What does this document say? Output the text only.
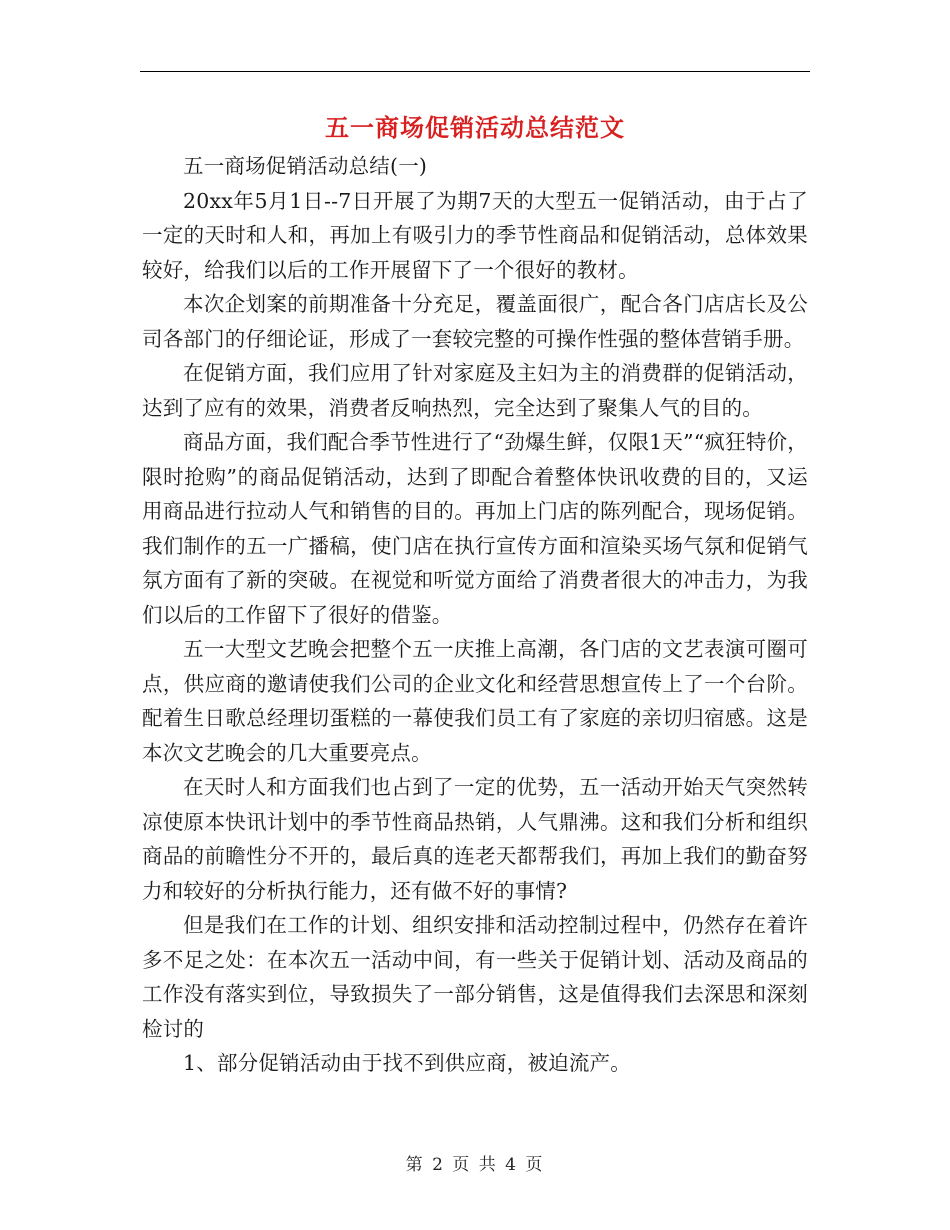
五一商场促销活动总结范文

五一商场促销活动总结(一)

20xx年5月1日--7日开展了为期7天的大型五一促销活动，由于占了一定的天时和人和，再加上有吸引力的季节性商品和促销活动，总体效果较好，给我们以后的工作开展留下了一个很好的教材。

本次企划案的前期准备十分充足，覆盖面很广，配合各门店店长及公司各部门的仔细论证，形成了一套较完整的可操作性强的整体营销手册。

在促销方面，我们应用了针对家庭及主妇为主的消费群的促销活动，达到了应有的效果，消费者反响热烈，完全达到了聚集人气的目的。

商品方面，我们配合季节性进行了“劲爆生鲜，仅限1天”“疯狂特价，限时抢购”的商品促销活动，达到了即配合着整体快讯收费的目的，又运用商品进行拉动人气和销售的目的。再加上门店的陈列配合，现场促销。我们制作的五一广播稿，使门店在执行宣传方面和渲染买场气氛和促销气氛方面有了新的突破。在视觉和听觉方面给了消费者很大的冲击力，为我们以后的工作留下了很好的借鉴。

五一大型文艺晚会把整个五一庆推上高潮，各门店的文艺表演可圈可点，供应商的邀请使我们公司的企业文化和经营思想宣传上了一个台阶。配着生日歌总经理切蛋糕的一幕使我们员工有了家庭的亲切归宿感。这是本次文艺晚会的几大重要亮点。

在天时人和方面我们也占到了一定的优势，五一活动开始天气突然转凉使原本快讯计划中的季节性商品热销，人气鼎沸。这和我们分析和组织商品的前瞻性分不开的，最后真的连老天都帮我们，再加上我们的勤奋努力和较好的分析执行能力，还有做不好的事情?

但是我们在工作的计划、组织安排和活动控制过程中，仍然存在着许多不足之处：在本次五一活动中间，有一些关于促销计划、活动及商品的工作没有落实到位，导致损失了一部分销售，这是值得我们去深思和深刻检讨的

1、部分促销活动由于找不到供应商，被迫流产。

第 2 页 共 4 页
